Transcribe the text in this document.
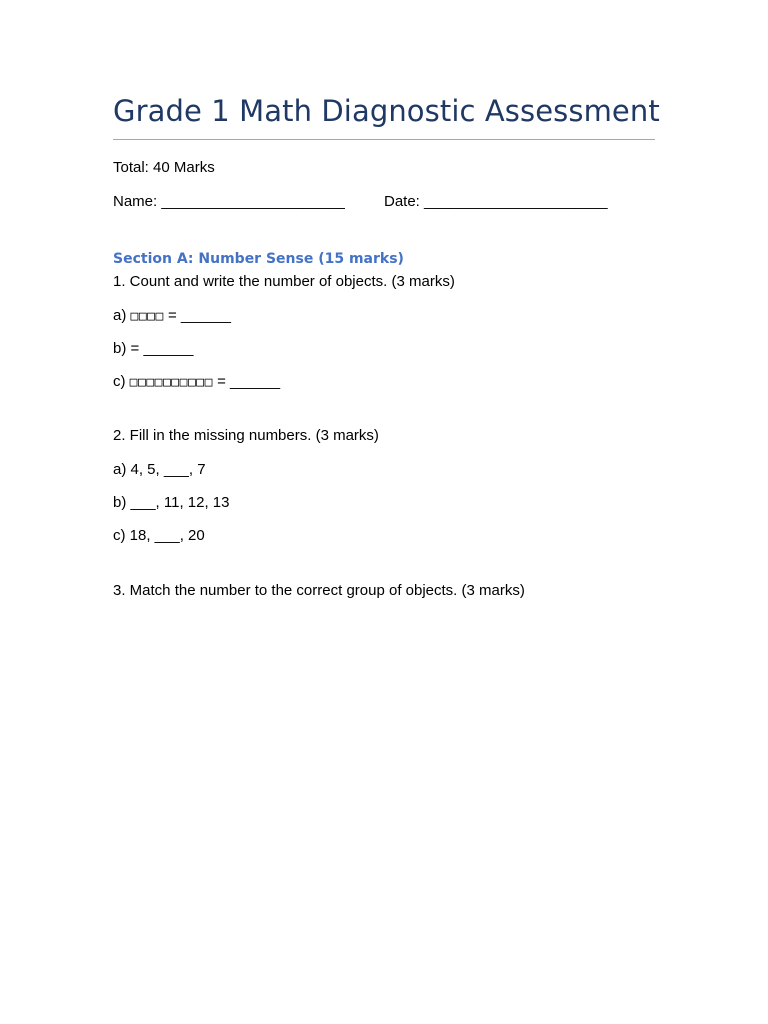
Grade 1 Math Diagnostic Assessment
Total: 40 Marks
Name: ______________________	Date: ______________________
Section A: Number Sense (15 marks)
1. Count and write the number of objects. (3 marks)
a) □□□□ = ______
b) = ______
c) □□□□□□□□□□ = ______
2. Fill in the missing numbers. (3 marks)
a) 4, 5, ___, 7
b) ___, 11, 12, 13
c) 18, ___, 20
3. Match the number to the correct group of objects. (3 marks)
